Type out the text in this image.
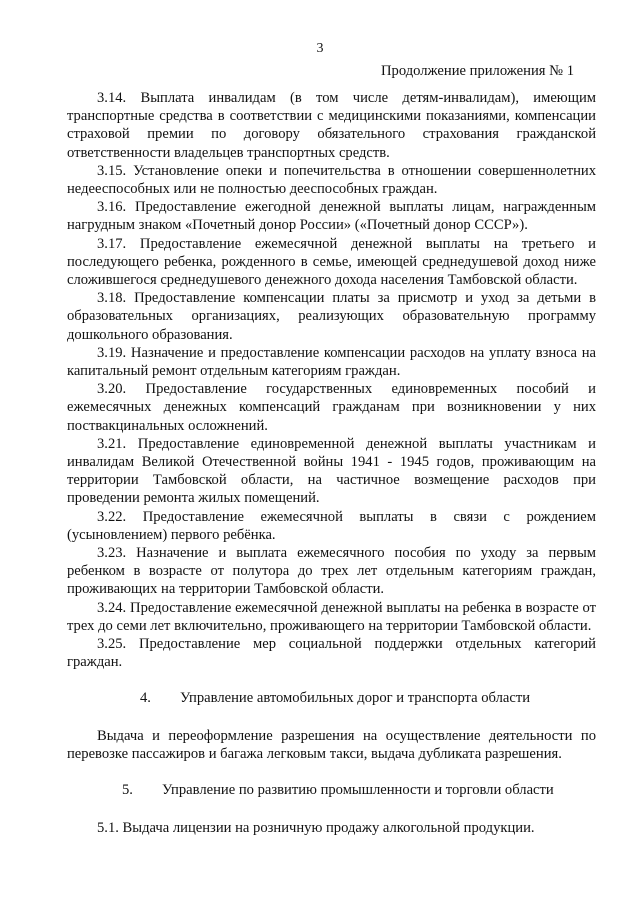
3
Продолжение приложения № 1

3.14. Выплата инвалидам (в том числе детям-инвалидам), имеющим транспортные средства в соответствии с медицинскими показаниями, компенсации страховой премии по договору обязательного страхования гражданской ответственности владельцев транспортных средств.

3.15. Установление опеки и попечительства в отношении совершеннолетних недееспособных или не полностью дееспособных граждан.

3.16. Предоставление ежегодной денежной выплаты лицам, награжденным нагрудным знаком «Почетный донор России» («Почетный донор СССР»).

3.17. Предоставление ежемесячной денежной выплаты на третьего и последующего ребенка, рожденного в семье, имеющей среднедушевой доход ниже сложившегося среднедушевого денежного дохода населения Тамбовской области.

3.18. Предоставление компенсации платы за присмотр и уход за детьми в образовательных организациях, реализующих образовательную программу дошкольного образования.

3.19. Назначение и предоставление компенсации расходов на уплату взноса на капитальный ремонт отдельным категориям граждан.

3.20. Предоставление государственных единовременных пособий и ежемесячных денежных компенсаций гражданам при возникновении у них поствакцинальных осложнений.

3.21. Предоставление единовременной денежной выплаты участникам и инвалидам Великой Отечественной войны 1941 - 1945 годов, проживающим на территории Тамбовской области, на частичное возмещение расходов при проведении ремонта жилых помещений.

3.22. Предоставление ежемесячной выплаты в связи с рождением (усыновлением) первого ребёнка.

3.23. Назначение и выплата ежемесячного пособия по уходу за первым ребенком в возрасте от полутора до трех лет отдельным категориям граждан, проживающих на территории Тамбовской области.

3.24. Предоставление ежемесячной денежной выплаты на ребенка в возрасте от трех до семи лет включительно, проживающего на территории Тамбовской области.

3.25. Предоставление мер социальной поддержки отдельных категорий граждан.

4.	Управление автомобильных дорог и транспорта области

Выдача и переоформление разрешения на осуществление деятельности по перевозке пассажиров и багажа легковым такси, выдача дубликата разрешения.

5.	Управление по развитию промышленности и торговли области

5.1. Выдача лицензии на розничную продажу алкогольной продукции.
